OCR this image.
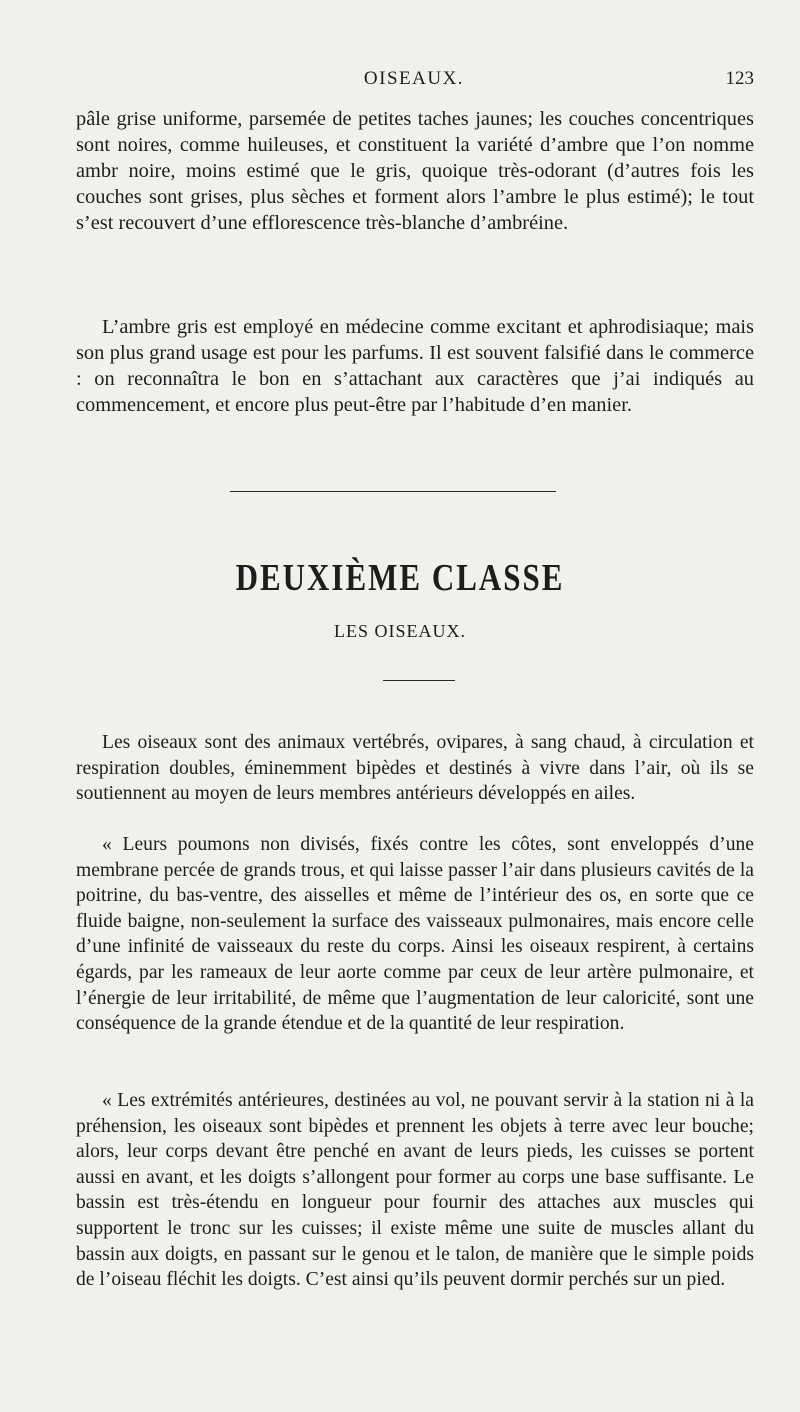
OISEAUX.	123

pâle grise uniforme, parsemée de petites taches jaunes; les couches concentriques sont noires, comme huileuses, et constituent la variété d’ambre que l’on nomme ambr noire, moins estimé que le gris, quoique très-odorant (d’autres fois les couches sont grises, plus sèches et forment alors l’ambre le plus estimé); le tout s’est recouvert d’une efflorescence très-blanche d’ambréine.

L’ambre gris est employé en médecine comme excitant et aphrodisiaque; mais son plus grand usage est pour les parfums. Il est souvent falsifié dans le commerce : on reconnaîtra le bon en s’attachant aux caractères que j’ai indiqués au commencement, et encore plus peut-être par l’habitude d’en manier.

DEUXIÈME CLASSE
LES OISEAUX.

Les oiseaux sont des animaux vertébrés, ovipares, à sang chaud, à circulation et respiration doubles, éminemment bipèdes et destinés à vivre dans l’air, où ils se soutiennent au moyen de leurs membres antérieurs développés en ailes.

« Leurs poumons non divisés, fixés contre les côtes, sont enveloppés d’une membrane percée de grands trous, et qui laisse passer l’air dans plusieurs cavités de la poitrine, du bas-ventre, des aisselles et même de l’intérieur des os, en sorte que ce fluide baigne, non-seulement la surface des vaisseaux pulmonaires, mais encore celle d’une infinité de vaisseaux du reste du corps. Ainsi les oiseaux respirent, à certains égards, par les rameaux de leur aorte comme par ceux de leur artère pulmonaire, et l’énergie de leur irritabilité, de même que l’augmentation de leur caloricité, sont une conséquence de la grande étendue et de la quantité de leur respiration.

« Les extrémités antérieures, destinées au vol, ne pouvant servir à la station ni à la préhension, les oiseaux sont bipèdes et prennent les objets à terre avec leur bouche; alors, leur corps devant être penché en avant de leurs pieds, les cuisses se portent aussi en avant, et les doigts s’allongent pour former au corps une base suffisante. Le bassin est très-étendu en longueur pour fournir des attaches aux muscles qui supportent le tronc sur les cuisses; il existe même une suite de muscles allant du bassin aux doigts, en passant sur le genou et le talon, de manière que le simple poids de l’oiseau fléchit les doigts. C’est ainsi qu’ils peuvent dormir perchés sur un pied.
